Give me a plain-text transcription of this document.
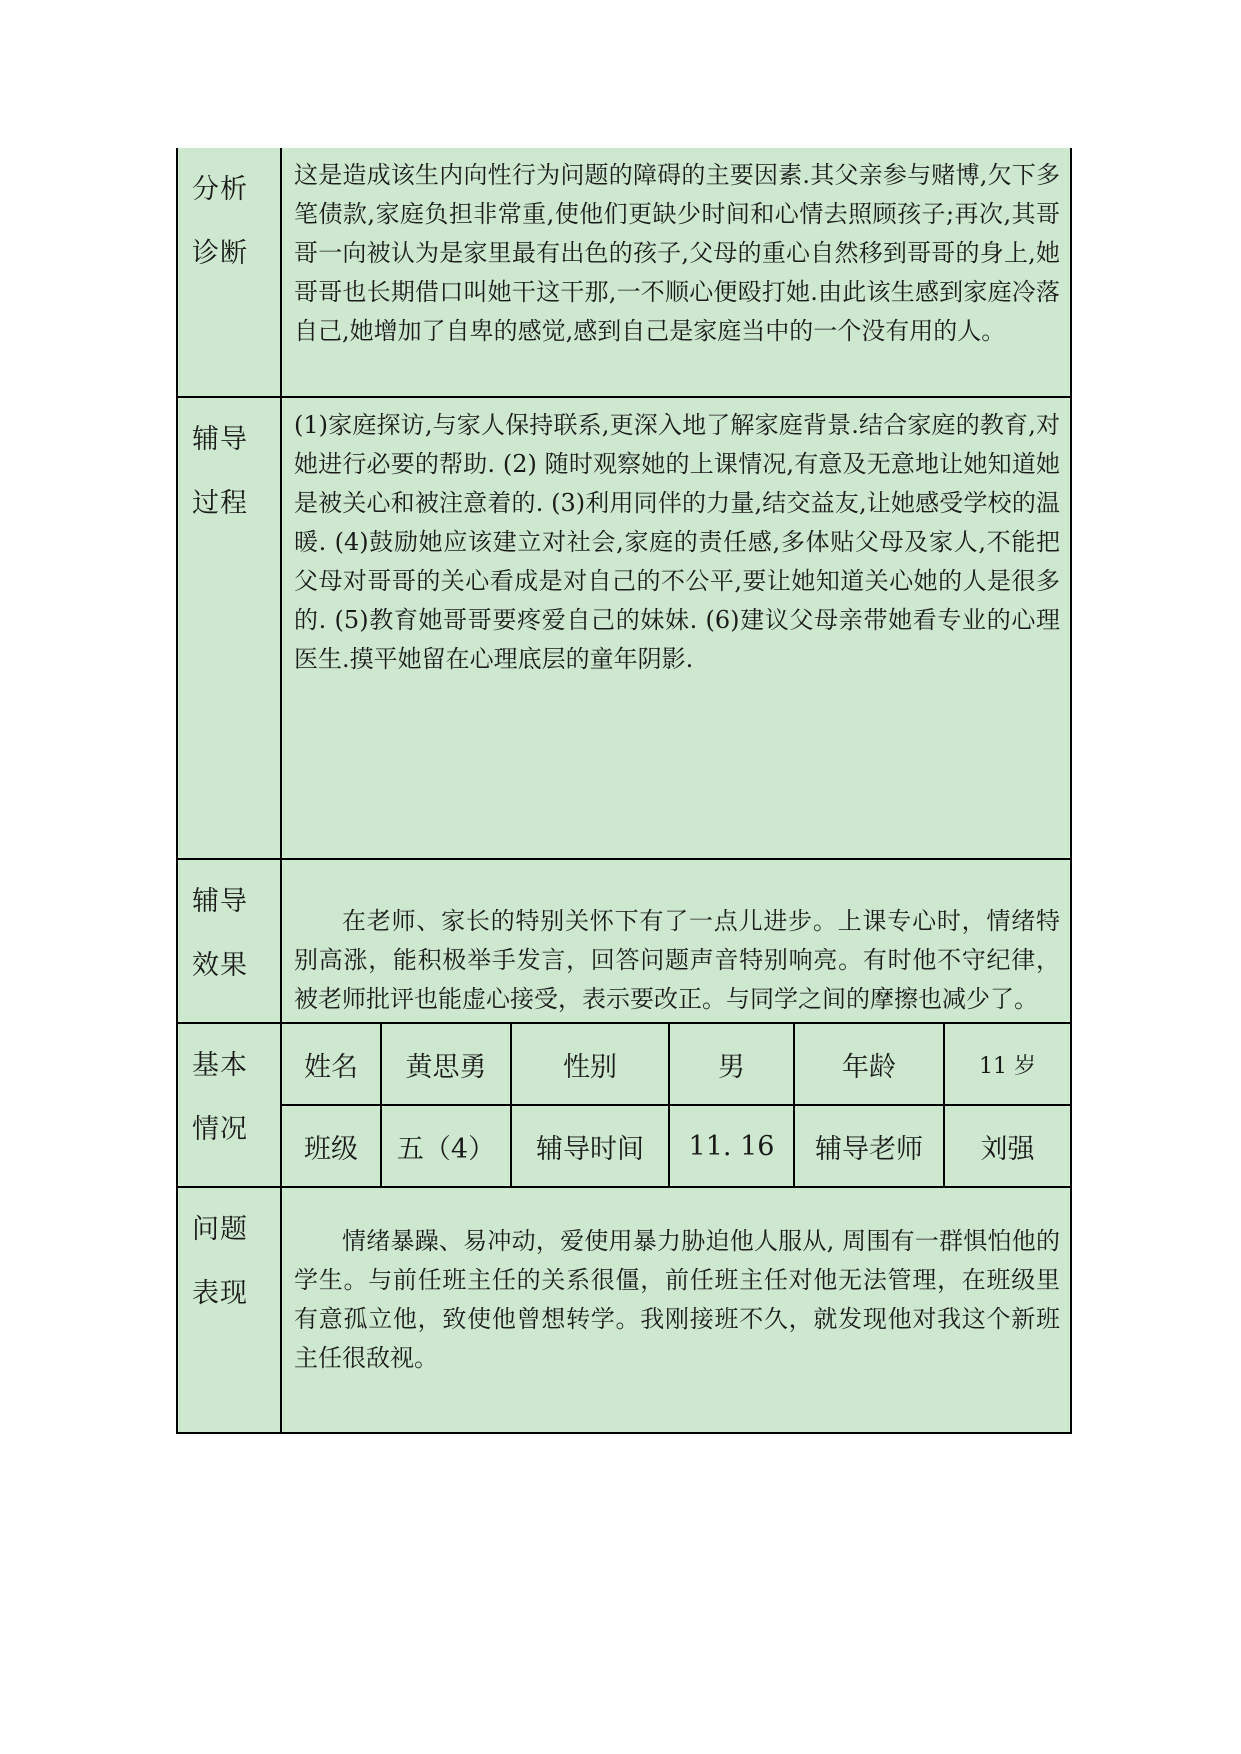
分析
诊断

这是造成该生内向性行为问题的障碍的主要因素.其父亲参与赌博,欠下多笔债款,家庭负担非常重,使他们更缺少时间和心情去照顾孩子;再次,其哥哥一向被认为是家里最有出色的孩子,父母的重心自然移到哥哥的身上,她哥哥也长期借口叫她干这干那,一不顺心便殴打她.由此该生感到家庭冷落自己,她增加了自卑的感觉,感到自己是家庭当中的一个没有用的人。

辅导
过程

(1)家庭探访,与家人保持联系,更深入地了解家庭背景.结合家庭的教育,对她进行必要的帮助. (2) 随时观察她的上课情况,有意及无意地让她知道她是被关心和被注意着的. (3)利用同伴的力量,结交益友,让她感受学校的温暖. (4)鼓励她应该建立对社会,家庭的责任感,多体贴父母及家人,不能把父母对哥哥的关心看成是对自己的不公平,要让她知道关心她的人是很多 的. (5)教育她哥哥要疼爱自己的妹妹. (6)建议父母亲带她看专业的心理医生.摸平她留在心理底层的童年阴影.

辅导
效果

在老师、家长的特别关怀下有了一点儿进步。上课专心时，情绪特别高涨，能积极举手发言，回答问题声音特别响亮。有时他不守纪律，被老师批评也能虚心接受，表示要改正。与同学之间的摩擦也减少了。

基本
情况
姓名	黄思勇	性别	男	年龄	11 岁
班级	五（4）	辅导时间	11. 16	辅导老师	刘强
问题
表现

情绪暴躁、易冲动，爱使用暴力胁迫他人服从, 周围有一群惧怕他的学生。与前任班主任的关系很僵，前任班主任对他无法管理，在班级里有意孤立他，致使他曾想转学。我刚接班不久，就发现他对我这个新班主任很敌视。
